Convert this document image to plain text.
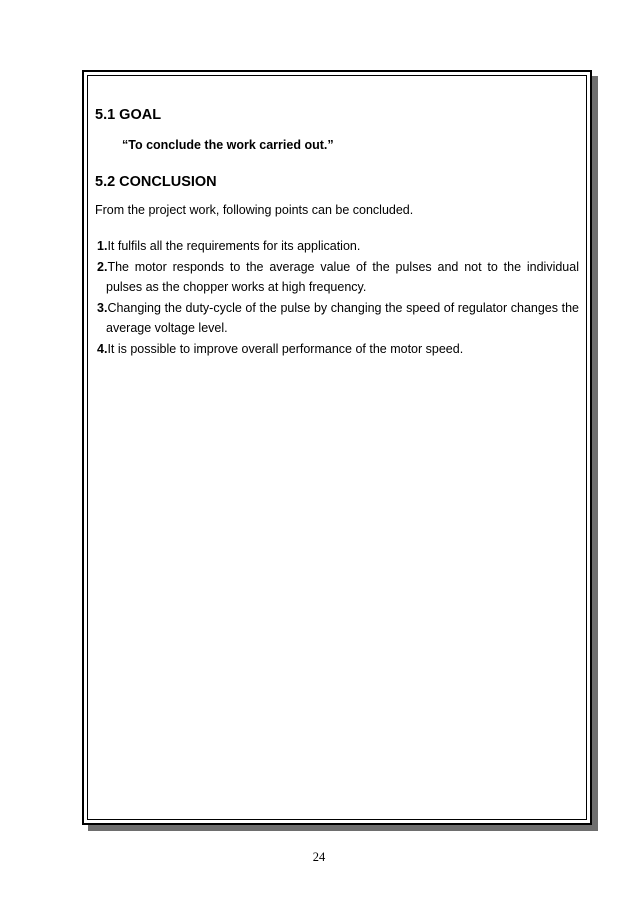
5.1 GOAL

“To conclude the work carried out.”

5.2 CONCLUSION

From the project work, following points can be concluded.

1.It fulfils all the requirements for its application.
2.The motor responds to the average value of the pulses and not to the individual pulses as the chopper works at high frequency.
3.Changing the duty-cycle of the pulse by changing the speed of regulator changes the average voltage level.
4.It is possible to improve overall performance of the motor speed.
24
